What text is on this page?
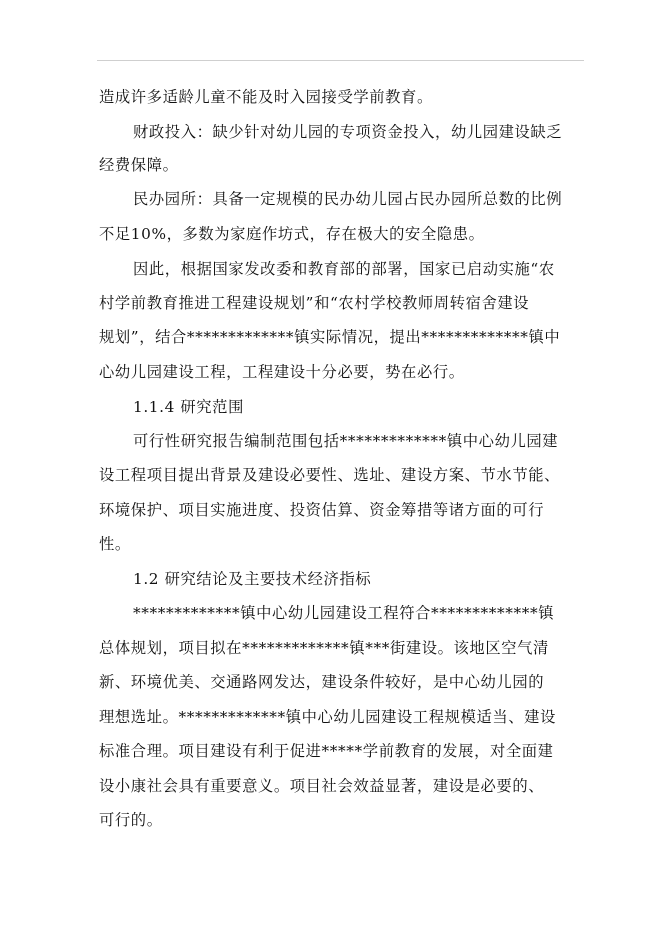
造成许多适龄儿童不能及时入园接受学前教育。
财政投入：缺少针对幼儿园的专项资金投入，幼儿园建设缺乏
经费保障。
民办园所：具备一定规模的民办幼儿园占民办园所总数的比例
不足10%，多数为家庭作坊式，存在极大的安全隐患。
因此，根据国家发改委和教育部的部署，国家已启动实施“农
村学前教育推进工程建设规划”和“农村学校教师周转宿舍建设
规划”，结合*************镇实际情况，提出*************镇中
心幼儿园建设工程，工程建设十分必要，势在必行。
1.1.4 研究范围
可行性研究报告编制范围包括*************镇中心幼儿园建
设工程项目提出背景及建设必要性、选址、建设方案、节水节能、
环境保护、项目实施进度、投资估算、资金筹措等诸方面的可行
性。
1.2 研究结论及主要技术经济指标
*************镇中心幼儿园建设工程符合*************镇
总体规划，项目拟在*************镇***街建设。该地区空气清
新、环境优美、交通路网发达，建设条件较好，是中心幼儿园的
理想选址。*************镇中心幼儿园建设工程规模适当、建设
标准合理。项目建设有利于促进*****学前教育的发展，对全面建
设小康社会具有重要意义。项目社会效益显著，建设是必要的、
可行的。
